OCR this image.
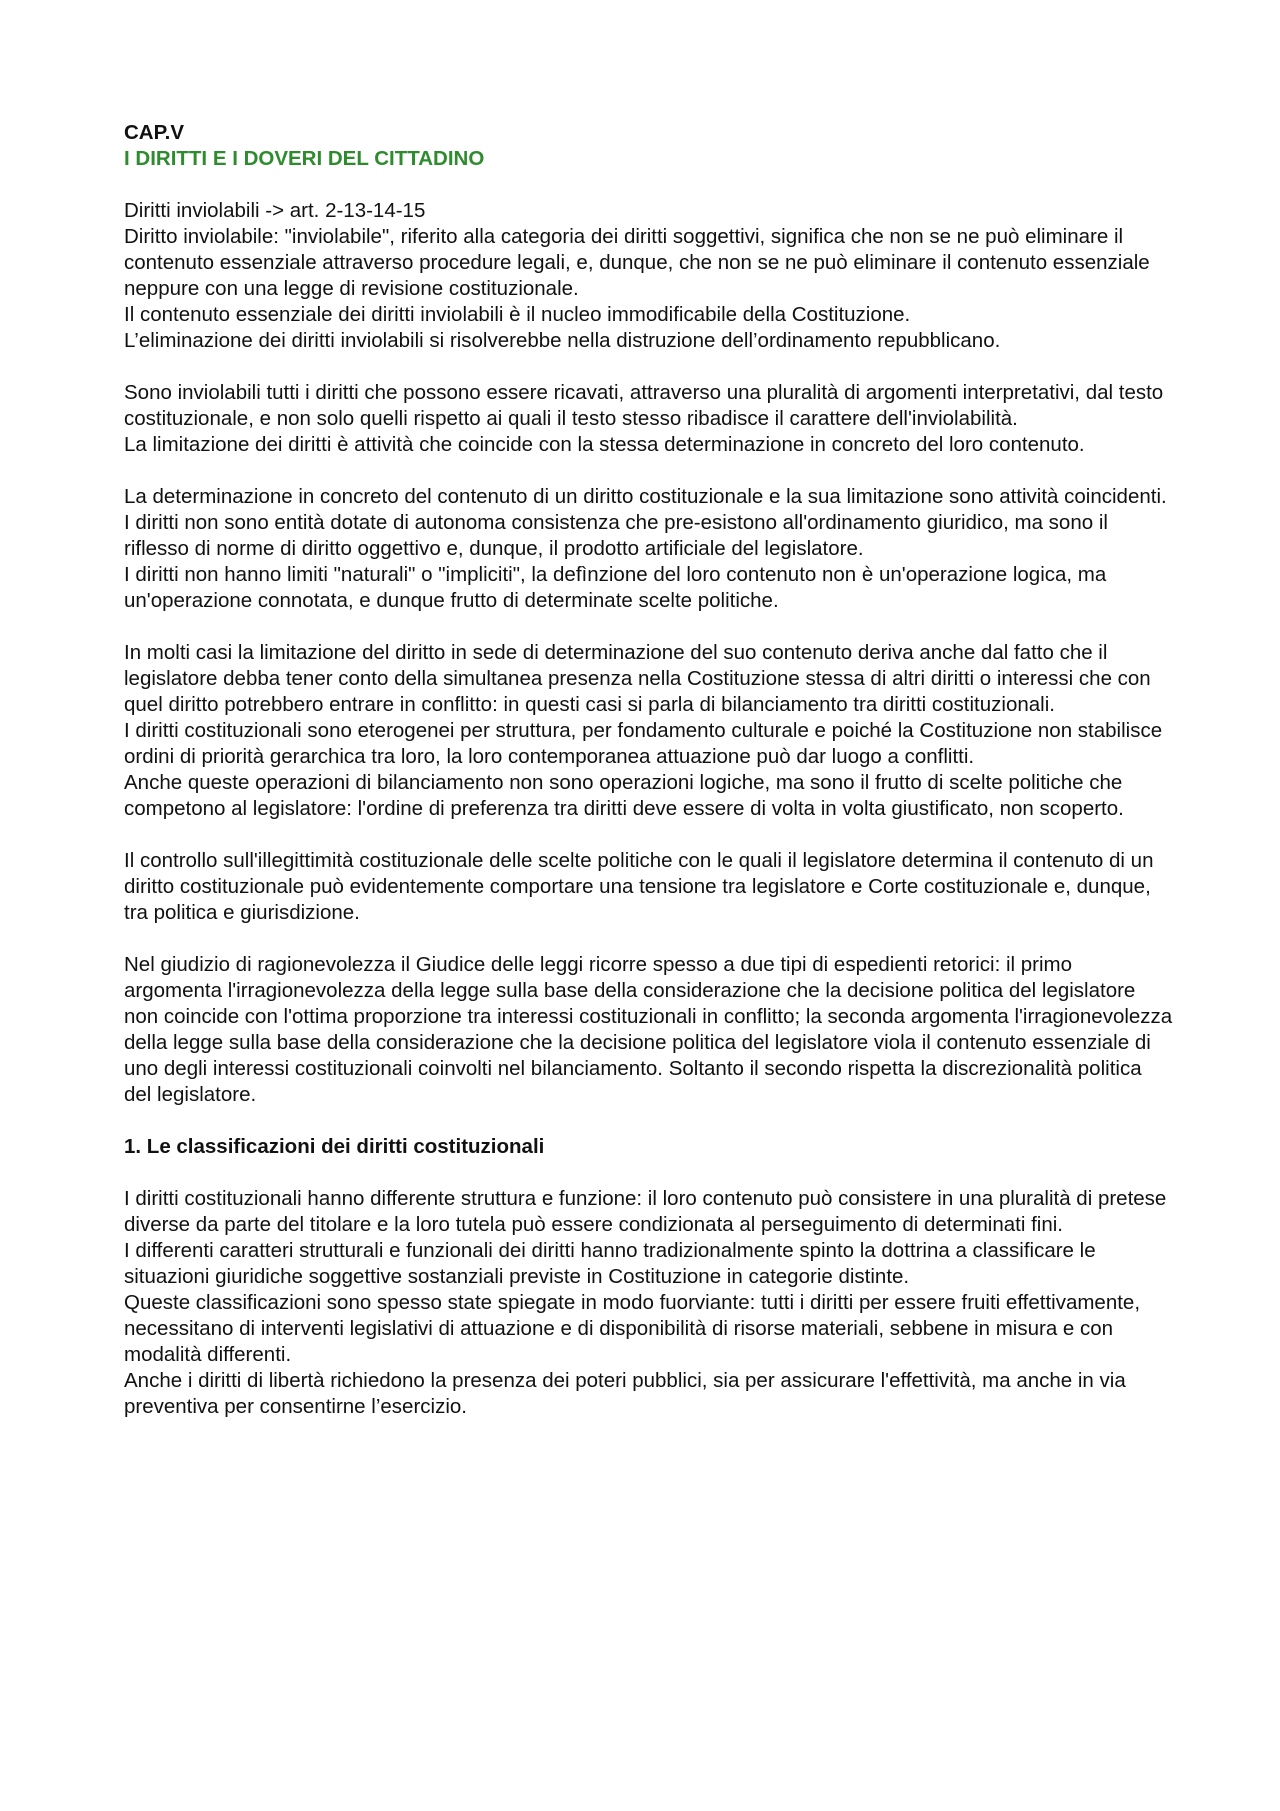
CAP.V
I DIRITTI E I DOVERI DEL CITTADINO

Diritti inviolabili -> art. 2-13-14-15

Diritto inviolabile: "inviolabile", riferito alla categoria dei diritti soggettivi, significa che non se ne può eliminare il contenuto essenziale attraverso procedure legali, e, dunque, che non se ne può eliminare il contenuto essenziale neppure con una legge di revisione costituzionale.

Il contenuto essenziale dei diritti inviolabili è il nucleo immodificabile della Costituzione.

L’eliminazione dei diritti inviolabili si risolverebbe nella distruzione dell’ordinamento repubblicano.

Sono inviolabili tutti i diritti che possono essere ricavati, attraverso una pluralità di argomenti interpretativi, dal testo costituzionale, e non solo quelli rispetto ai quali il testo stesso ribadisce il carattere dell'inviolabilità.

La limitazione dei diritti è attività che coincide con la stessa determinazione in concreto del loro contenuto.

La determinazione in concreto del contenuto di un diritto costituzionale e la sua limitazione sono attività coincidenti.

I diritti non sono entità dotate di autonoma consistenza che pre-esistono all'ordinamento giuridico, ma sono il riflesso di norme di diritto oggettivo e, dunque, il prodotto artificiale del legislatore.

I diritti non hanno limiti "naturali" o "impliciti", la defìnzione del loro contenuto non è un'operazione logica, ma un'operazione connotata, e dunque frutto di determinate scelte politiche.

In molti casi la limitazione del diritto in sede di determinazione del suo contenuto deriva anche dal fatto che il legislatore debba tener conto della simultanea presenza nella Costituzione stessa di altri diritti o interessi che con quel diritto potrebbero entrare in conflitto: in questi casi si parla di bilanciamento tra diritti costituzionali.

I diritti costituzionali sono eterogenei per struttura, per fondamento culturale e poiché la Costituzione non stabilisce ordini di priorità gerarchica tra loro, la loro contemporanea attuazione può dar luogo a conflitti.

Anche queste operazioni di bilanciamento non sono operazioni logiche, ma sono il frutto di scelte politiche che competono al legislatore: l'ordine di preferenza tra diritti deve essere di volta in volta giustificato, non scoperto.

Il controllo sull'illegittimità costituzionale delle scelte politiche con le quali il legislatore determina il contenuto di un diritto costituzionale può evidentemente comportare una tensione tra legislatore e Corte costituzionale e, dunque, tra politica e giurisdizione.

Nel giudizio di ragionevolezza il Giudice delle leggi ricorre spesso a due tipi di espedienti retorici: il primo argomenta l'irragionevolezza della legge sulla base della considerazione che la decisione politica del legislatore non coincide con l'ottima proporzione tra interessi costituzionali in conflitto; la seconda argomenta l'irragionevolezza della legge sulla base della considerazione che la decisione politica del legislatore viola il contenuto essenziale di uno degli interessi costituzionali coinvolti nel bilanciamento. Soltanto il secondo rispetta la discrezionalità politica del legislatore.

1. Le classificazioni dei diritti costituzionali

I diritti costituzionali hanno differente struttura e funzione: il loro contenuto può consistere in una pluralità di pretese diverse da parte del titolare e la loro tutela può essere condizionata al perseguimento di determinati fini.

I differenti caratteri strutturali e funzionali dei diritti hanno tradizionalmente spinto la dottrina a classificare le situazioni giuridiche soggettive sostanziali previste in Costituzione in categorie distinte.

Queste classificazioni sono spesso state spiegate in modo fuorviante: tutti i diritti per essere fruiti effettivamente, necessitano di interventi legislativi di attuazione e di disponibilità di risorse materiali, sebbene in misura e con modalità differenti.

Anche i diritti di libertà richiedono la presenza dei poteri pubblici, sia per assicurare l'effettività, ma anche in via preventiva per consentirne l’esercizio.
